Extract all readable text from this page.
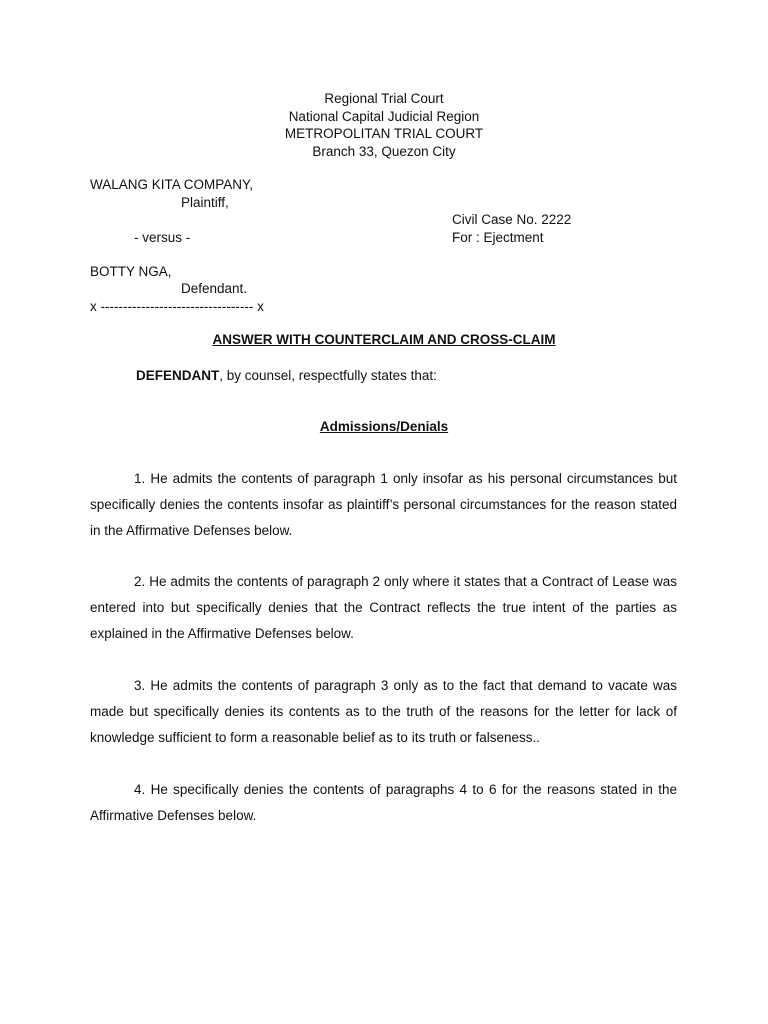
Regional Trial Court
National Capital Judicial Region
METROPOLITAN TRIAL COURT
Branch 33, Quezon City
WALANG KITA COMPANY,
Plaintiff,
Civil Case No. 2222
- versus -	For : Ejectment
BOTTY NGA,
Defendant.
x ---------------------------------- x
ANSWER WITH COUNTERCLAIM AND CROSS-CLAIM
DEFENDANT, by counsel, respectfully states that:
Admissions/Denials
1. He admits the contents of paragraph 1 only insofar as his personal circumstances but specifically denies the contents insofar as plaintiff’s personal circumstances for the reason stated in the Affirmative Defenses below.
2. He admits the contents of paragraph 2 only where it states that a Contract of Lease was entered into but specifically denies that the Contract reflects the true intent of the parties as explained in the Affirmative Defenses below.
3. He admits the contents of paragraph 3 only as to the fact that demand to vacate was made but specifically denies its contents as to the truth of the reasons for the letter for lack of knowledge sufficient to form a reasonable belief as to its truth or falseness..
4. He specifically denies the contents of paragraphs 4 to 6 for the reasons stated in the Affirmative Defenses below.
